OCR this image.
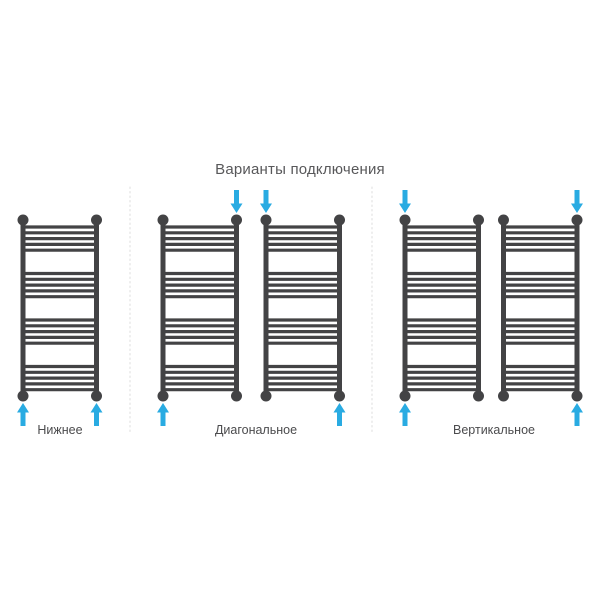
Варианты подключения
Нижнее	Диагональное	Вертикальное
